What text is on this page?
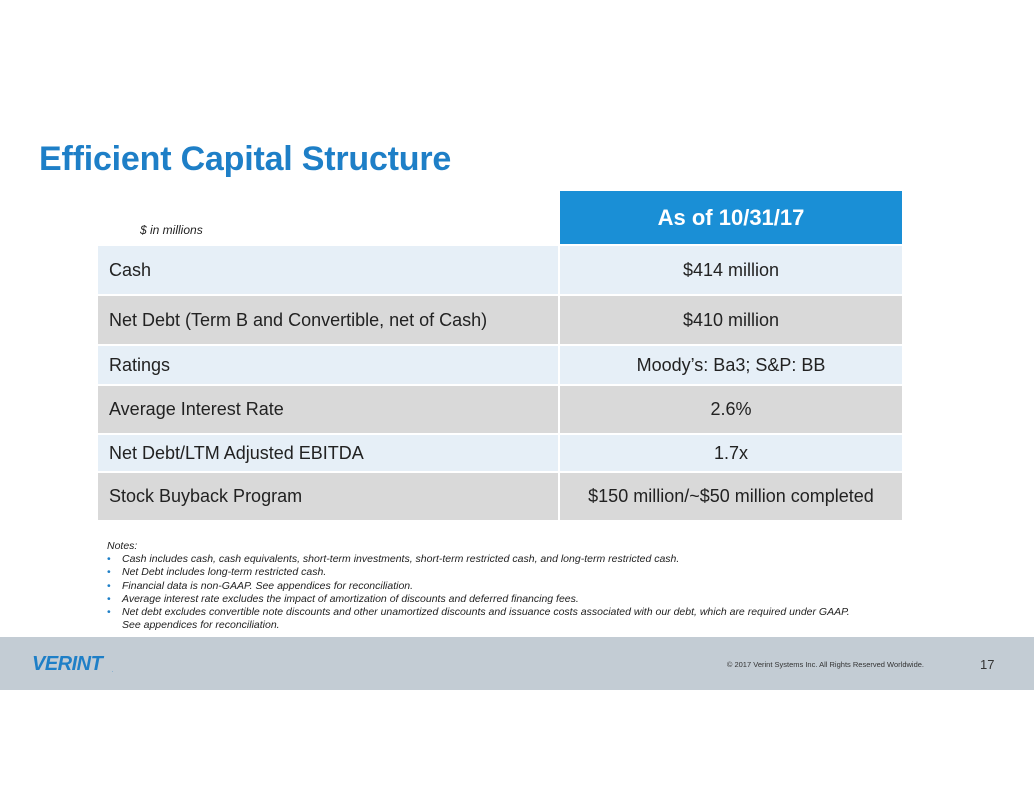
Efficient Capital Structure
$ in millions
As of 10/31/17
Cash	$414 million
Net Debt (Term B and Convertible, net of Cash)	$410 million
Ratings	Moody’s: Ba3; S&P: BB
Average Interest Rate	2.6%
Net Debt/LTM Adjusted EBITDA	1.7x
Stock Buyback Program	$150 million/~$50 million completed
Notes:
• Cash includes cash, cash equivalents, short-term investments, short-term restricted cash, and long-term restricted cash.
• Net Debt includes long-term restricted cash.
• Financial data is non-GAAP. See appendices for reconciliation.
• Average interest rate excludes the impact of amortization of discounts and deferred financing fees.
• Net debt excludes convertible note discounts and other unamortized discounts and issuance costs associated with our debt, which are required under GAAP. See appendices for reconciliation.
VERINT	.
© 2017 Verint Systems Inc. All Rights Reserved Worldwide.	17
